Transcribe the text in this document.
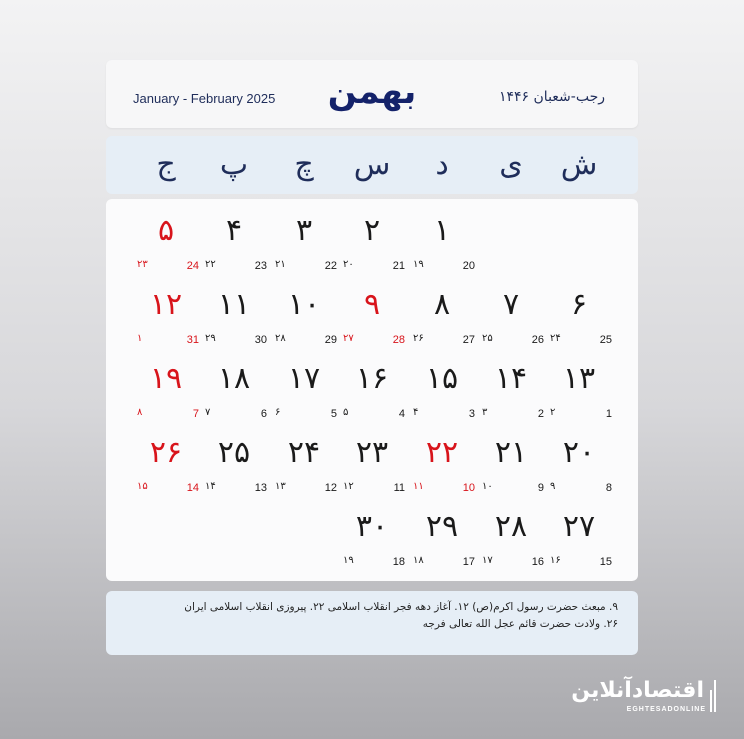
January - February 2025	بهمن	رجب-شعبان ۱۴۴۶
ش
ی
د
س
چ
پ
ج
۱
20
۱۹
۲
21
۲۰
۳
22
۲۱
۴
23
۲۲
۵
24
۲۳
۶
25
۲۴
۷
26
۲۵
۸
27
۲۶
۹
28
۲۷
۱۰
29
۲۸
۱۱
30
۲۹
۱۲
31
۱
۱۳
1
۲
۱۴
2
۳
۱۵
3
۴
۱۶
4
۵
۱۷
5
۶
۱۸
6
۷
۱۹
7
۸
۲۰
8
۹
۲۱
9
۱۰
۲۲
10
۱۱
۲۳
11
۱۲
۲۴
12
۱۳
۲۵
13
۱۴
۲۶
14
۱۵
۲۷
15
۱۶
۲۸
16
۱۷
۲۹
17
۱۸
۳۰
18
۱۹
۹. مبعث حضرت رسول اکرم(ص) ۱۲. آغاز دهه فجر انقلاب اسلامی ۲۲. پیروزی انقلاب اسلامی ایران
۲۶. ولادت حضرت قائم عجل الله تعالی فرجه
اقتصادآنلاین
EGHTESADONLINE
